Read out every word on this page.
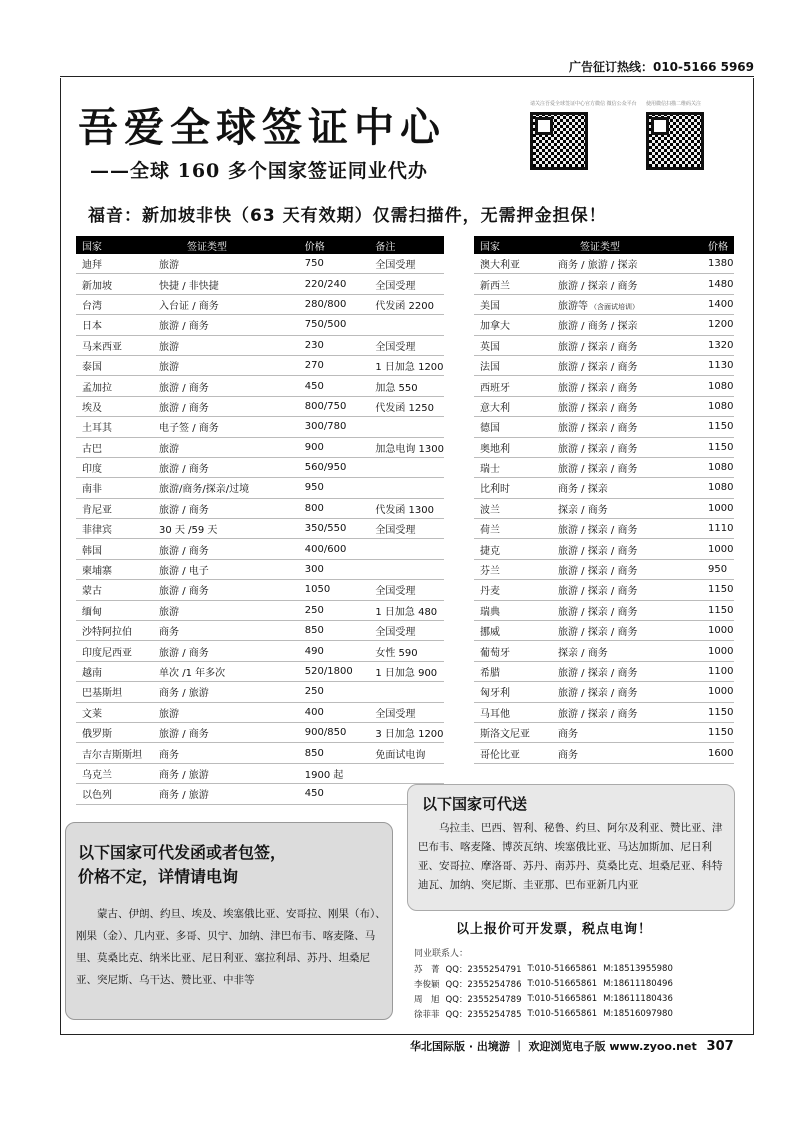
广告征订热线：010-5166 5969
吾爱全球签证中心
——全球 160 多个国家签证同业代办
请关注吾爱全球签证中心官方微信 微信公众平台	使用微信扫描二维码关注
福音：新加坡非快（63 天有效期）仅需扫描件，无需押金担保！
国家	签证类型	价格	备注
迪拜	旅游	750	全国受理
新加坡	快捷 / 非快捷	220/240	全国受理
台湾	入台证 / 商务	280/800	代发函 2200
日本	旅游 / 商务	750/500	
马来西亚	旅游	230	全国受理
泰国	旅游	270	1 日加急 1200
孟加拉	旅游 / 商务	450	加急 550
埃及	旅游 / 商务	800/750	代发函 1250
土耳其	电子签 / 商务	300/780	
古巴	旅游	900	加急电询 1300
印度	旅游 / 商务	560/950	
南非	旅游/商务/探亲/过境	950	
肯尼亚	旅游 / 商务	800	代发函 1300
菲律宾	30 天 /59 天	350/550	全国受理
韩国	旅游 / 商务	400/600	
柬埔寨	旅游 / 电子	300	
蒙古	旅游 / 商务	1050	全国受理
缅甸	旅游	250	1 日加急 480
沙特阿拉伯	商务	850	全国受理
印度尼西亚	旅游 / 商务	490	女性 590
越南	单次 /1 年多次	520/1800	1 日加急 900
巴基斯坦	商务 / 旅游	250	
文莱	旅游	400	全国受理
俄罗斯	旅游 / 商务	900/850	3 日加急 1200
吉尔吉斯斯坦	商务	850	免面试电询
乌克兰	商务 / 旅游	1900 起	
以色列	商务 / 旅游	450	
国家	签证类型	价格
澳大利亚	商务 / 旅游 / 探亲	1380
新西兰	旅游 / 探亲 / 商务	1480
美国	旅游等 （含面试培训）	1400
加拿大	旅游 / 商务 / 探亲	1200
英国	旅游 / 探亲 / 商务	1320
法国	旅游 / 探亲 / 商务	1130
西班牙	旅游 / 探亲 / 商务	1080
意大利	旅游 / 探亲 / 商务	1080
德国	旅游 / 探亲 / 商务	1150
奥地利	旅游 / 探亲 / 商务	1150
瑞士	旅游 / 探亲 / 商务	1080
比利时	商务 / 探亲	1080
波兰	探亲 / 商务	1000
荷兰	旅游 / 探亲 / 商务	1110
捷克	旅游 / 探亲 / 商务	1000
芬兰	旅游 / 探亲 / 商务	950
丹麦	旅游 / 探亲 / 商务	1150
瑞典	旅游 / 探亲 / 商务	1150
挪威	旅游 / 探亲 / 商务	1000
葡萄牙	探亲 / 商务	1000
希腊	旅游 / 探亲 / 商务	1100
匈牙利	旅游 / 探亲 / 商务	1000
马耳他	旅游 / 探亲 / 商务	1150
斯洛文尼亚	商务	1150
哥伦比亚	商务	1600
以下国家可代发函或者包签，
价格不定，详情请电询
蒙古、伊朗、约旦、埃及、埃塞俄比亚、安哥拉、刚果（布）、刚果（金）、几内亚、多哥、贝宁、加纳、津巴布韦、喀麦隆、马里、莫桑比克、纳米比亚、尼日利亚、塞拉利昂、苏丹、坦桑尼亚、突尼斯、乌干达、赞比亚、中非等
以下国家可代送
乌拉圭、巴西、智利、秘鲁、约旦、阿尔及利亚、赞比亚、津巴布韦、喀麦隆、博茨瓦纳、埃塞俄比亚、马达加斯加、尼日利亚、安哥拉、摩洛哥、苏丹、南苏丹、莫桑比克、坦桑尼亚、科特迪瓦、加纳、突尼斯、圭亚那、巴布亚新几内亚
以上报价可开发票，税点电询！
同业联系人：
苏　菁	QQ：2355254791	T:010-51665861	M:18513955980
李俊颖	QQ：2355254786	T:010-51665861	M:18611180496
周　旭	QQ：2355254789	T:010-51665861	M:18611180436
徐菲菲	QQ：2355254785	T:010-51665861	M:18516097980
华北国际版 · 出境游 ｜ 欢迎浏览电子版 www.zyoo.net 307
